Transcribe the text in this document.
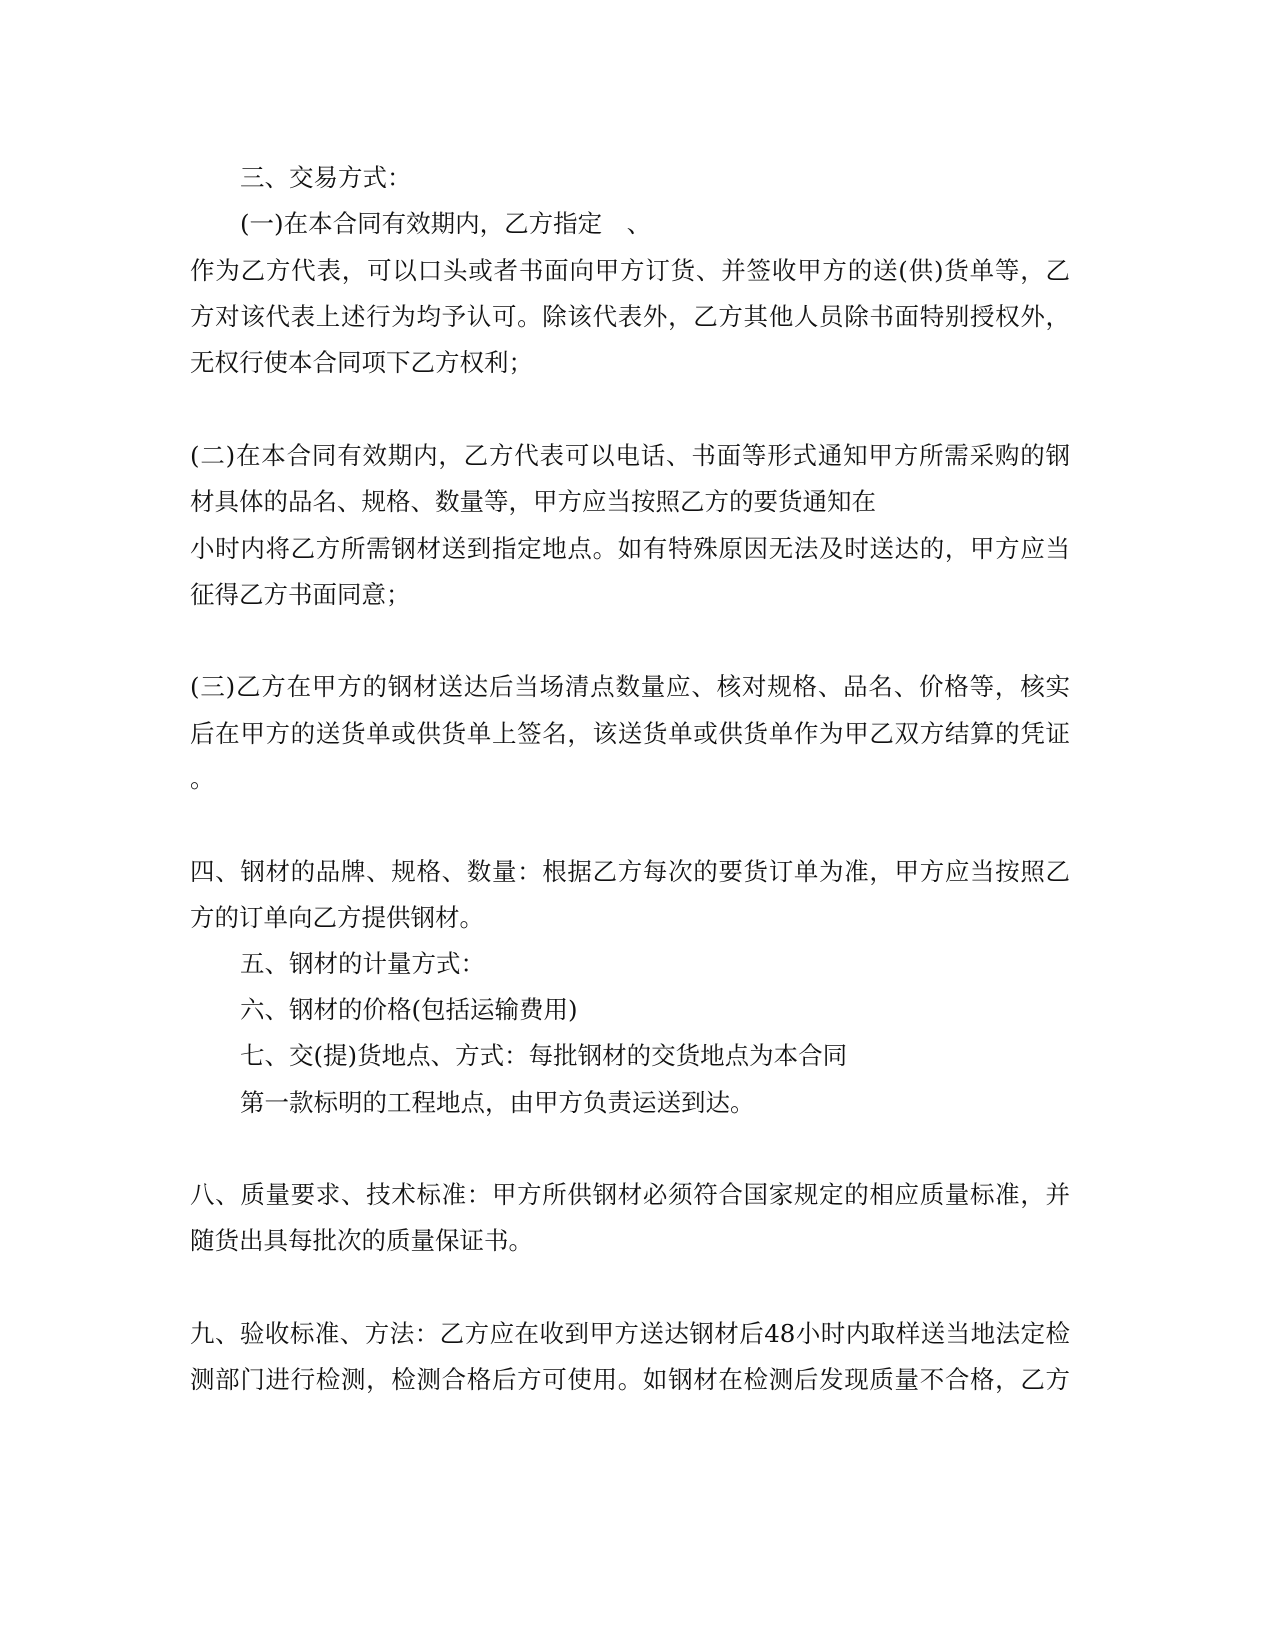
三、交易方式：
(一)在本合同有效期内，乙方指定　、
作为乙方代表，可以口头或者书面向甲方订货、并签收甲方的送(供)货单等，乙
方对该代表上述行为均予认可。除该代表外，乙方其他人员除书面特别授权外，
无权行使本合同项下乙方权利；
(二)在本合同有效期内，乙方代表可以电话、书面等形式通知甲方所需采购的钢
材具体的品名、规格、数量等，甲方应当按照乙方的要货通知在
小时内将乙方所需钢材送到指定地点。如有特殊原因无法及时送达的，甲方应当
征得乙方书面同意；
(三)乙方在甲方的钢材送达后当场清点数量应、核对规格、品名、价格等，核实
后在甲方的送货单或供货单上签名，该送货单或供货单作为甲乙双方结算的凭证
。
四、钢材的品牌、规格、数量：根据乙方每次的要货订单为准，甲方应当按照乙
方的订单向乙方提供钢材。
五、钢材的计量方式：
六、钢材的价格(包括运输费用)
七、交(提)货地点、方式：每批钢材的交货地点为本合同
第一款标明的工程地点，由甲方负责运送到达。
八、质量要求、技术标准：甲方所供钢材必须符合国家规定的相应质量标准，并
随货出具每批次的质量保证书。
九、验收标准、方法：乙方应在收到甲方送达钢材后48小时内取样送当地法定检
测部门进行检测，检测合格后方可使用。如钢材在检测后发现质量不合格，乙方
